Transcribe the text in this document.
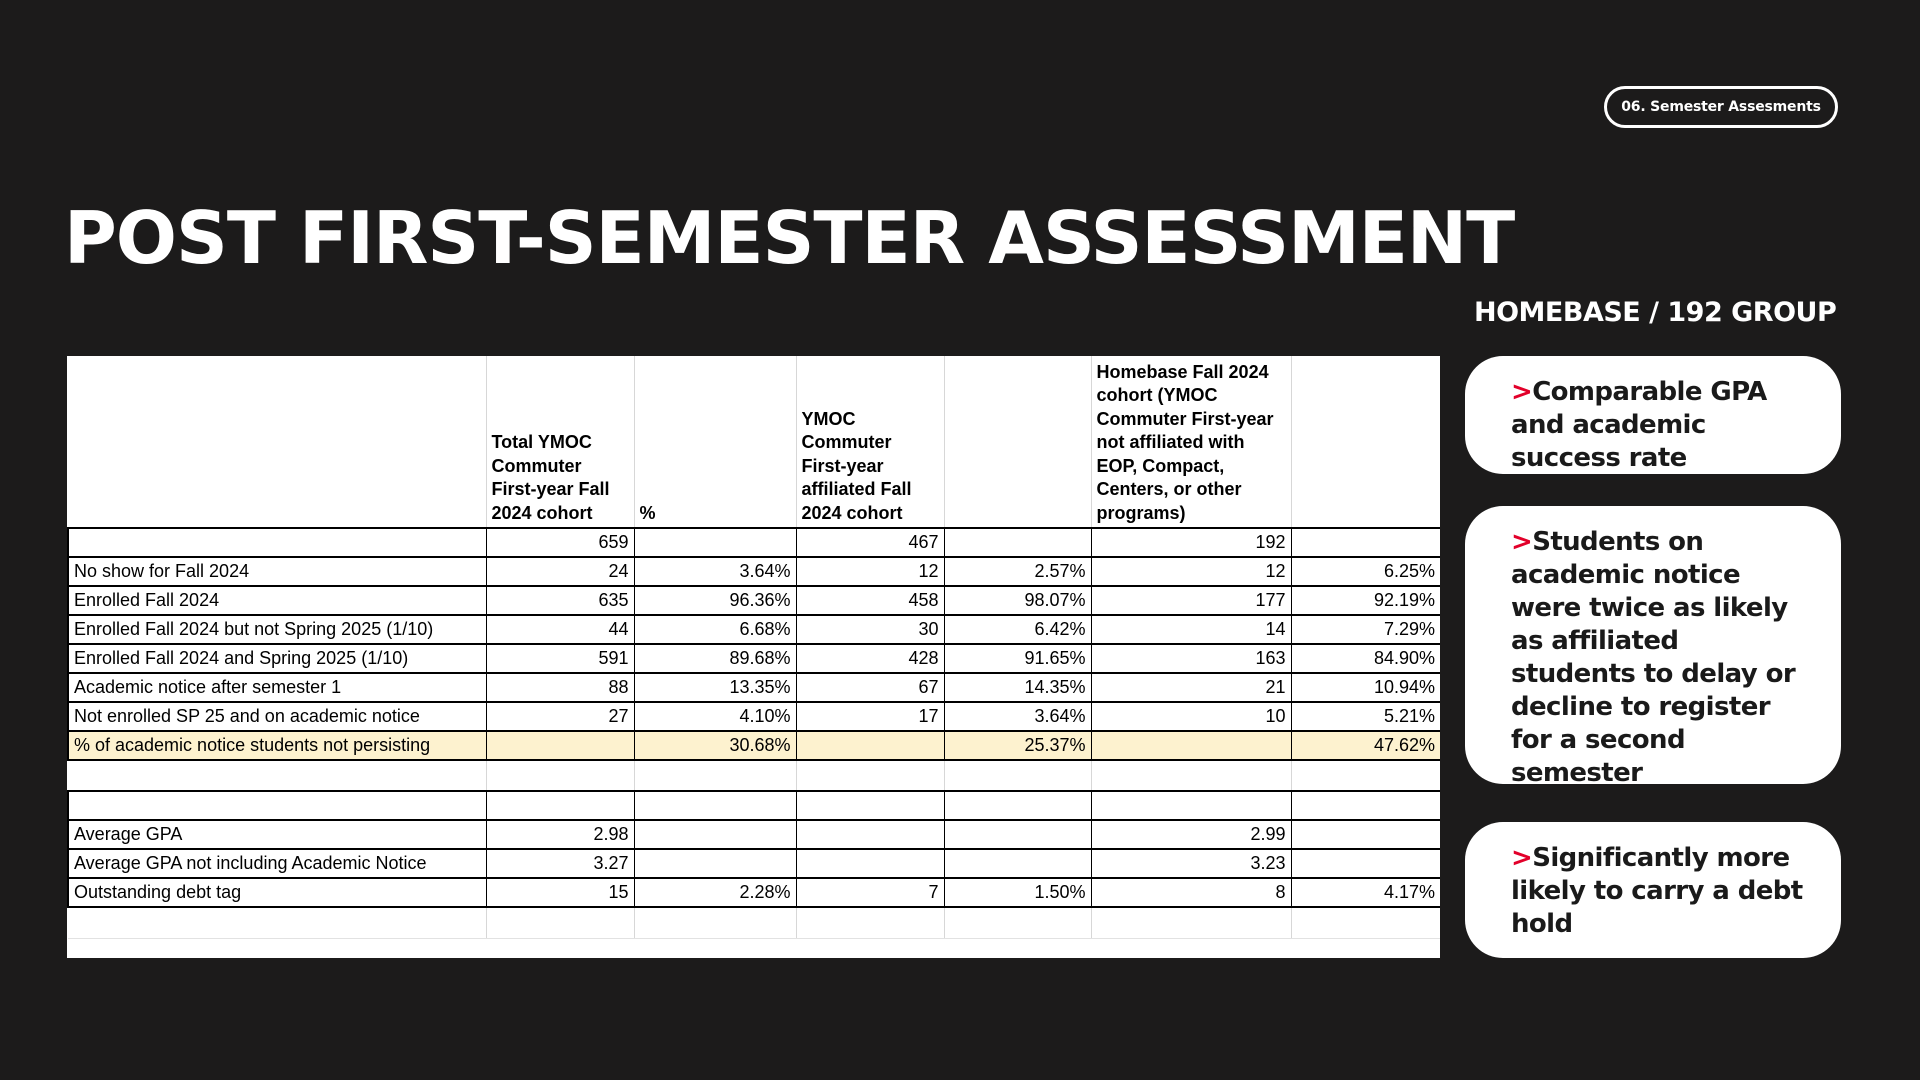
06. Semester Assesments
POST FIRST-SEMESTER ASSESSMENT
HOMEBASE / 192 GROUP
	Total YMOC Commuter First-year Fall 2024 cohort	%	YMOC Commuter First-year affiliated Fall 2024 cohort		Homebase Fall 2024 cohort (YMOC Commuter First-year not affiliated with EOP, Compact, Centers, or other programs)	
	659		467		192	
No show for Fall 2024	24	3.64%	12	2.57%	12	6.25%
Enrolled Fall 2024	635	96.36%	458	98.07%	177	92.19%
Enrolled Fall 2024 but not Spring 2025 (1/10)	44	6.68%	30	6.42%	14	7.29%
Enrolled Fall 2024 and Spring 2025 (1/10)	591	89.68%	428	91.65%	163	84.90%
Academic notice after semester 1	88	13.35%	67	14.35%	21	10.94%
Not enrolled SP 25 and on academic notice	27	4.10%	17	3.64%	10	5.21%
% of academic notice students not persisting		30.68%		25.37%		47.62%

Average GPA	2.98				2.99	
Average GPA not including Academic Notice	3.27				3.23	
Outstanding debt tag	15	2.28%	7	1.50%	8	4.17%

>Comparable GPA and academic success rate
>Students on academic notice were twice as likely as affiliated students to delay or decline to register for a second semester
>Significantly more likely to carry a debt hold
